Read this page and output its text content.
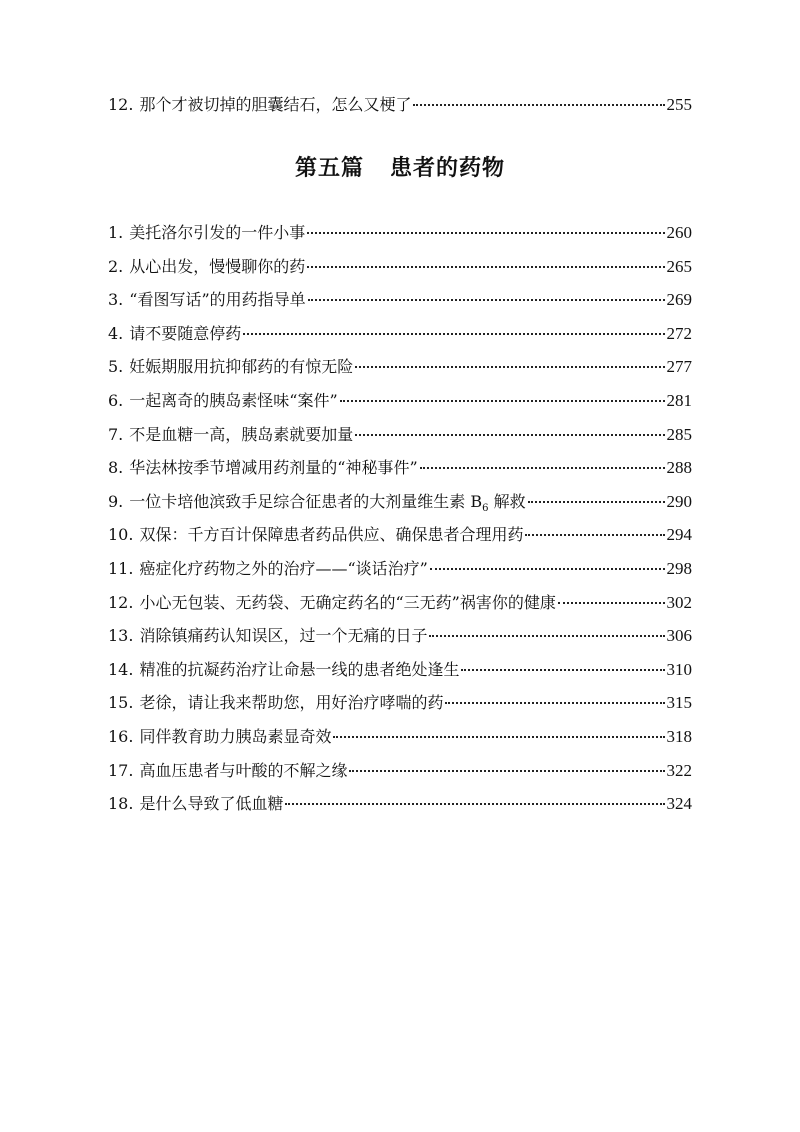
12. 那个才被切掉的胆囊结石，怎么又梗了	255
第五篇 患者的药物
1. 美托洛尔引发的一件小事	260
2. 从心出发，慢慢聊你的药	265
3. “看图写话”的用药指导单	269
4. 请不要随意停药	272
5. 妊娠期服用抗抑郁药的有惊无险	277
6. 一起离奇的胰岛素怪味“案件”	281
7. 不是血糖一高，胰岛素就要加量	285
8. 华法林按季节增减用药剂量的“神秘事件”	288
9. 一位卡培他滨致手足综合征患者的大剂量维生素 $B_6$ 解救	290
10. 双保：千方百计保障患者药品供应、确保患者合理用药	294
11. 癌症化疗药物之外的治疗——“谈话治疗”	298
12. 小心无包装、无药袋、无确定药名的“三无药”祸害你的健康	302
13. 消除镇痛药认知误区，过一个无痛的日子	306
14. 精准的抗凝药治疗让命悬一线的患者绝处逢生	310
15. 老徐，请让我来帮助您，用好治疗哮喘的药	315
16. 同伴教育助力胰岛素显奇效	318
17. 高血压患者与叶酸的不解之缘	322
18. 是什么导致了低血糖	324
